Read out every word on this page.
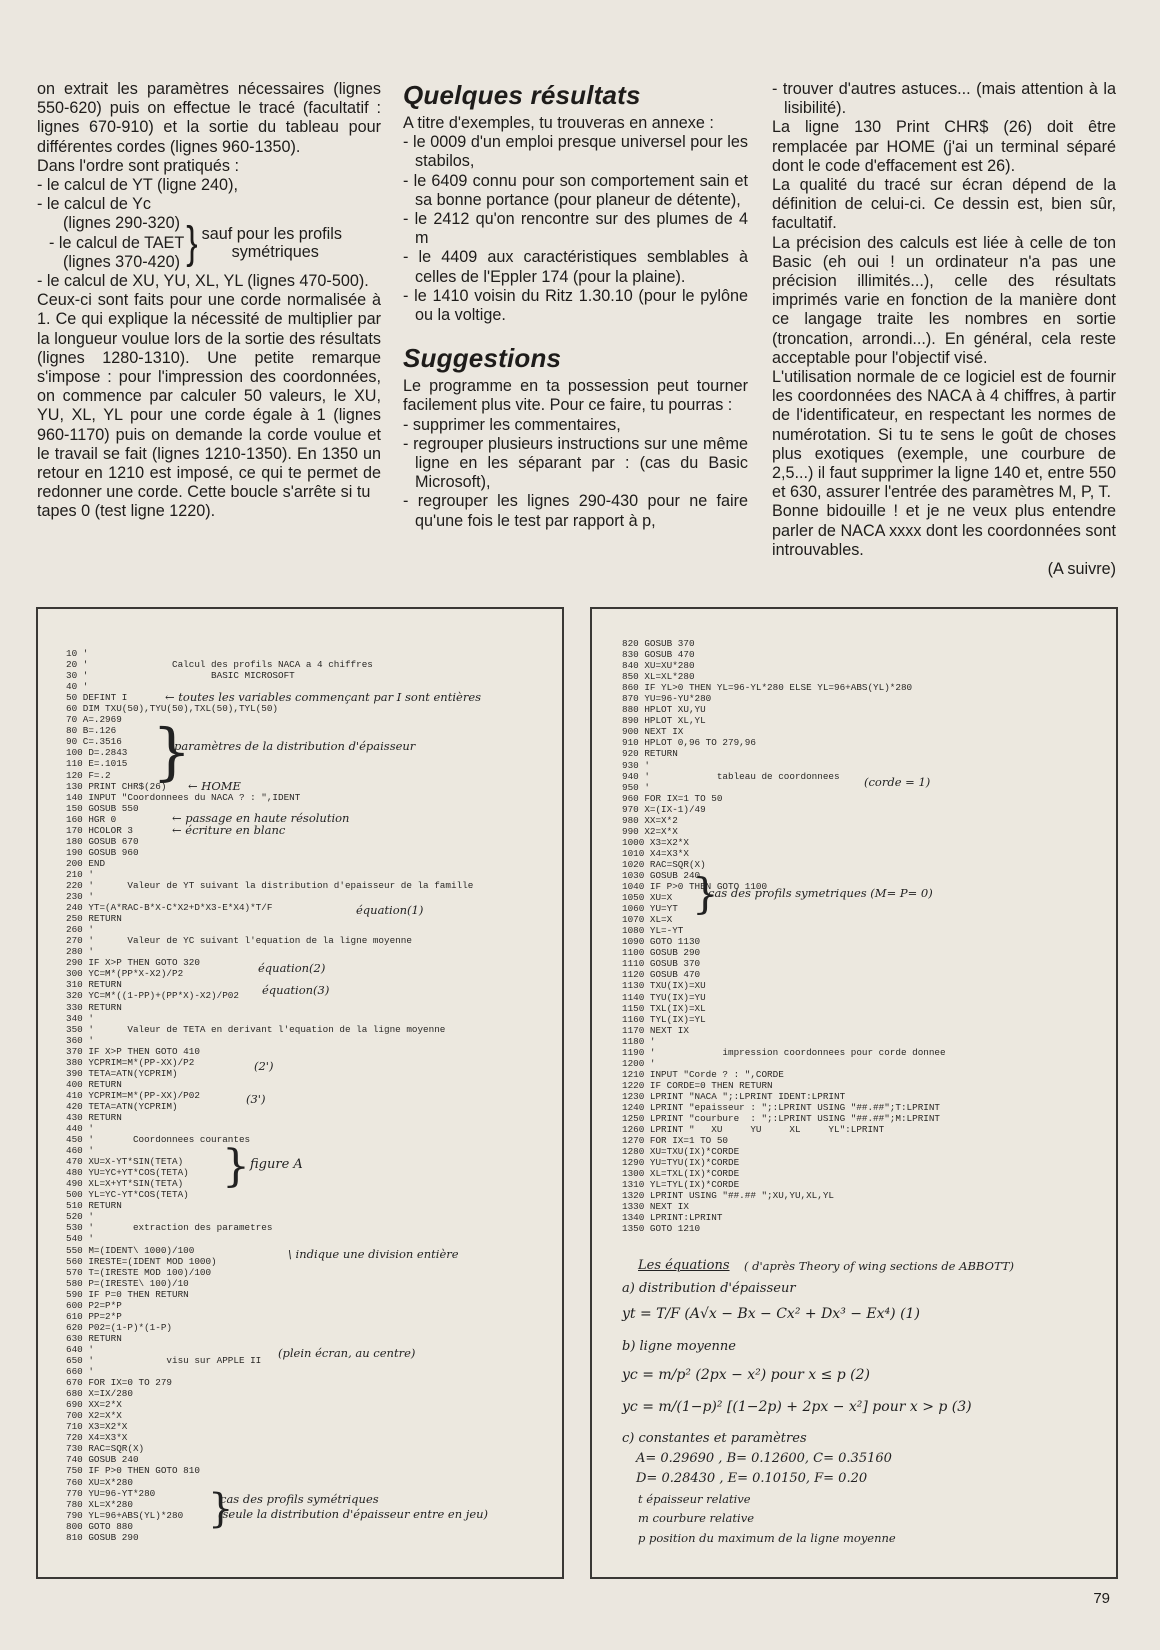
on extrait les paramètres nécessaires (lignes 550-620) puis on effectue le tracé (facultatif : lignes 670-910) et la sortie du tableau pour différentes cordes (lignes 960-1350).

Dans l'ordre sont pratiqués :

- le calcul de YT (ligne 240),

- le calcul de Yc

(lignes 290-320)

- le calcul de TAET

(lignes 370-420) } sauf pour les profils

symétriques

- le calcul de XU, YU, XL, YL (lignes 470-500).

Ceux-ci sont faits pour une corde normalisée à 1. Ce qui explique la nécessité de multiplier par la longueur voulue lors de la sortie des résultats (lignes 1280-1310). Une petite remarque s'impose : pour l'impression des coordonnées, on commence par calculer 50 valeurs, le XU, YU, XL, YL pour une corde égale à 1 (lignes 960-1170) puis on demande la corde voulue et le travail se fait (lignes 1210-1350). En 1350 un retour en 1210 est imposé, ce qui te permet de redonner une corde. Cette boucle s'arrête si tu

tapes 0 (test ligne 1220).

Quelques résultats

A titre d'exemples, tu trouveras en annexe :

- le 0009 d'un emploi presque universel pour les stabilos,

- le 6409 connu pour son comportement sain et sa bonne portance (pour planeur de détente),

- le 2412 qu'on rencontre sur des plumes de 4 m

- le 4409 aux caractéristiques semblables à celles de l'Eppler 174 (pour la plaine).

- le 1410 voisin du Ritz 1.30.10 (pour le pylône ou la voltige.

Suggestions

Le programme en ta possession peut tourner facilement plus vite. Pour ce faire, tu pourras :

- supprimer les commentaires,

- regrouper plusieurs instructions sur une même ligne en les séparant par : (cas du Basic Microsoft),

- regrouper les lignes 290-430 pour ne faire qu'une fois le test par rapport à p,

- trouver d'autres astuces... (mais attention à la lisibilité).

La ligne 130 Print CHR$ (26) doit être remplacée par HOME (j'ai un terminal séparé dont le code d'effacement est 26).

La qualité du tracé sur écran dépend de la définition de celui-ci. Ce dessin est, bien sûr, facultatif.

La précision des calculs est liée à celle de ton Basic (eh oui ! un ordinateur n'a pas une précision illimités...), celle des résultats imprimés varie en fonction de la manière dont ce langage traite les nombres en sortie (troncation, arrondi...). En général, cela reste acceptable pour l'objectif visé.

L'utilisation normale de ce logiciel est de fournir les coordonnées des NACA à 4 chiffres, à partir de l'identificateur, en respectant les normes de numérotation. Si tu te sens le goût de choses plus exotiques (exemple, une courbure de 2,5...) il faut supprimer la ligne 140 et, entre 550 et 630, assurer l'entrée des paramètres M, P, T.

Bonne bidouille ! et je ne veux plus entendre parler de NACA xxxx dont les coordonnées sont introuvables.

(A suivre)

10 '
20 '               Calcul des profils NACA a 4 chiffres
30 '                      BASIC MICROSOFT
40 '
50 DEFINT I
60 DIM TXU(50),TYU(50),TXL(50),TYL(50)
70 A=.2969
80 B=.126
90 C=.3516
100 D=.2843
110 E=.1015
120 F=.2
130 PRINT CHR$(26)
140 INPUT "Coordonnees du NACA ? : ",IDENT
150 GOSUB 550
160 HGR 0
170 HCOLOR 3
180 GOSUB 670
190 GOSUB 960
200 END
210 '
220 '      Valeur de YT suivant la distribution d'epaisseur de la famille
230 '
240 YT=(A*RAC-B*X-C*X2+D*X3-E*X4)*T/F
250 RETURN
260 '
270 '      Valeur de YC suivant l'equation de la ligne moyenne
280 '
290 IF X>P THEN GOTO 320
300 YC=M*(PP*X-X2)/P2
310 RETURN
320 YC=M*((1-PP)+(PP*X)-X2)/P02
330 RETURN
340 '
350 '      Valeur de TETA en derivant l'equation de la ligne moyenne
360 '
370 IF X>P THEN GOTO 410
380 YCPRIM=M*(PP-XX)/P2
390 TETA=ATN(YCPRIM)
400 RETURN
410 YCPRIM=M*(PP-XX)/P02
420 TETA=ATN(YCPRIM)
430 RETURN
440 '
450 '       Coordonnees courantes
460 '
470 XU=X-YT*SIN(TETA)
480 YU=YC+YT*COS(TETA)
490 XL=X+YT*SIN(TETA)
500 YL=YC-YT*COS(TETA)
510 RETURN
520 '
530 '       extraction des parametres
540 '
550 M=(IDENT\ 1000)/100
560 IRESTE=(IDENT MOD 1000)
570 T=(IRESTE MOD 100)/100
580 P=(IRESTE\ 100)/10
590 IF P=0 THEN RETURN
600 P2=P*P
610 PP=2*P
620 P02=(1-P)*(1-P)
630 RETURN
640 '
650 '             visu sur APPLE II
660 '
670 FOR IX=0 TO 279
680 X=IX/280
690 XX=2*X
700 X2=X*X
710 X3=X2*X
720 X4=X3*X
730 RAC=SQR(X)
740 GOSUB 240
750 IF P>0 THEN GOTO 810
760 XU=X*280
770 YU=96-YT*280
780 XL=X*280
790 YL=96+ABS(YL)*280
800 GOTO 880
810 GOSUB 290
← toutes les variables commençant par I sont entières
}
paramètres de la distribution d'épaisseur
← HOME
← passage en haute résolution
← écriture en blanc
équation(1)
équation(2)
équation(3)
(2')
(3')
} figure A
\ indique une division entière
(plein écran, au centre)
}
cas des profils symétriques
(seule la distribution d'épaisseur entre en jeu)
820 GOSUB 370
830 GOSUB 470
840 XU=XU*280
850 XL=XL*280
860 IF YL>0 THEN YL=96-YL*280 ELSE YL=96+ABS(YL)*280
870 YU=96-YU*280
880 HPLOT XU,YU
890 HPLOT XL,YL
900 NEXT IX
910 HPLOT 0,96 TO 279,96
920 RETURN
930 '
940 '            tableau de coordonnees
950 '
960 FOR IX=1 TO 50
970 X=(IX-1)/49
980 XX=X*2
990 X2=X*X
1000 X3=X2*X
1010 X4=X3*X
1020 RAC=SQR(X)
1030 GOSUB 240
1040 IF P>0 THEN GOTO 1100
1050 XU=X
1060 YU=YT
1070 XL=X
1080 YL=-YT
1090 GOTO 1130
1100 GOSUB 290
1110 GOSUB 370
1120 GOSUB 470
1130 TXU(IX)=XU
1140 TYU(IX)=YU
1150 TXL(IX)=XL
1160 TYL(IX)=YL
1170 NEXT IX
1180 '
1190 '            impression coordonnees pour corde donnee
1200 '
1210 INPUT "Corde ? : ",CORDE
1220 IF CORDE=0 THEN RETURN
1230 LPRINT "NACA ";:LPRINT IDENT:LPRINT
1240 LPRINT "epaisseur : ";:LPRINT USING "##.##";T:LPRINT
1250 LPRINT "courbure  : ";:LPRINT USING "##.##";M:LPRINT
1260 LPRINT "   XU     YU     XL     YL":LPRINT
1270 FOR IX=1 TO 50
1280 XU=TXU(IX)*CORDE
1290 YU=TYU(IX)*CORDE
1300 XL=TXL(IX)*CORDE
1310 YL=TYL(IX)*CORDE
1320 LPRINT USING "##.## ";XU,YU,XL,YL
1330 NEXT IX
1340 LPRINT:LPRINT
1350 GOTO 1210
(corde = 1)
}
cas des profils symetriques (M= P= 0)
Les équations ( d'après Theory of wing sections de ABBOTT)
a) distribution d'épaisseur
yt = T/F (A√x − Bx − Cx² + Dx³ − Ex⁴) (1)
b) ligne moyenne
yc = m/p² (2px − x²) pour x ≤ p (2)
yc = m/(1−p)² [(1−2p) + 2px − x²] pour x > p (3)
c) constantes et paramètres
A= 0.29690 , B= 0.12600, C= 0.35160
D= 0.28430 , E= 0.10150, F= 0.20
t épaisseur relative
m courbure relative
p position du maximum de la ligne moyenne
79
